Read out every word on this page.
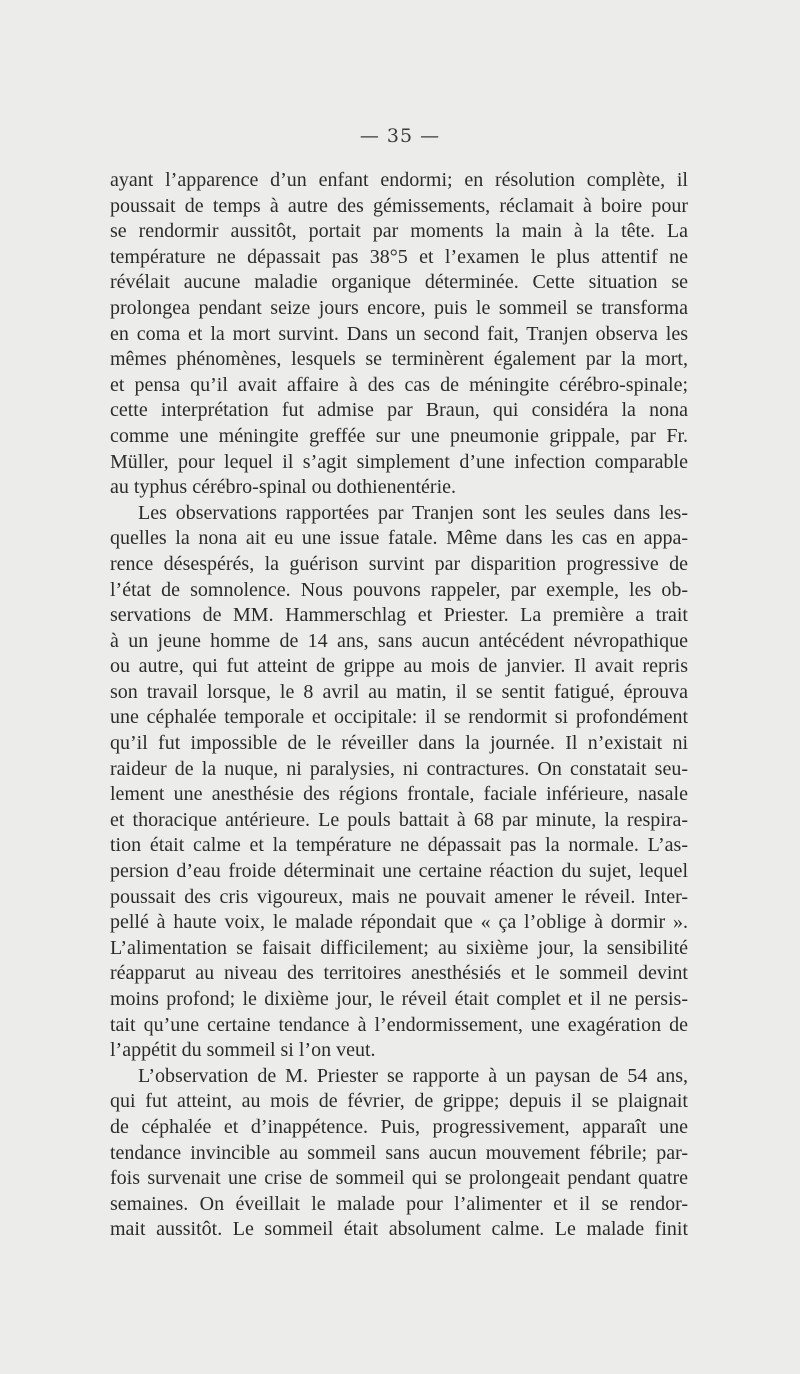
— 35 —
ayant l’apparence d’un enfant endormi; en résolution complète, il
poussait de temps à autre des gémissements, réclamait à boire pour
se rendormir aussitôt, portait par moments la main à la tête. La
température ne dépassait pas 38°5 et l’examen le plus attentif ne
révélait aucune maladie organique déterminée. Cette situation se
prolongea pendant seize jours encore, puis le sommeil se transforma
en coma et la mort survint. Dans un second fait, Tranjen observa les
mêmes phénomènes, lesquels se terminèrent également par la mort,
et pensa qu’il avait affaire à des cas de méningite cérébro-spinale;
cette interprétation fut admise par Braun, qui considéra la nona
comme une méningite greffée sur une pneumonie grippale, par Fr.
Müller, pour lequel il s’agit simplement d’une infection comparable
au typhus cérébro-spinal ou dothienentérie.
Les observations rapportées par Tranjen sont les seules dans les-
quelles la nona ait eu une issue fatale. Même dans les cas en appa-
rence désespérés, la guérison survint par disparition progressive de
l’état de somnolence. Nous pouvons rappeler, par exemple, les ob-
servations de MM. Hammerschlag et Priester. La première a trait
à un jeune homme de 14 ans, sans aucun antécédent névropathique
ou autre, qui fut atteint de grippe au mois de janvier. Il avait repris
son travail lorsque, le 8 avril au matin, il se sentit fatigué, éprouva
une céphalée temporale et occipitale: il se rendormit si profondément
qu’il fut impossible de le réveiller dans la journée. Il n’existait ni
raideur de la nuque, ni paralysies, ni contractures. On constatait seu-
lement une anesthésie des régions frontale, faciale inférieure, nasale
et thoracique antérieure. Le pouls battait à 68 par minute, la respira-
tion était calme et la température ne dépassait pas la normale. L’as-
persion d’eau froide déterminait une certaine réaction du sujet, lequel
poussait des cris vigoureux, mais ne pouvait amener le réveil. Inter-
pellé à haute voix, le malade répondait que « ça l’oblige à dormir ».
L’alimentation se faisait difficilement; au sixième jour, la sensibilité
réapparut au niveau des territoires anesthésiés et le sommeil devint
moins profond; le dixième jour, le réveil était complet et il ne persis-
tait qu’une certaine tendance à l’endormissement, une exagération de
l’appétit du sommeil si l’on veut.
L’observation de M. Priester se rapporte à un paysan de 54 ans,
qui fut atteint, au mois de février, de grippe; depuis il se plaignait
de céphalée et d’inappétence. Puis, progressivement, apparaît une
tendance invincible au sommeil sans aucun mouvement fébrile; par-
fois survenait une crise de sommeil qui se prolongeait pendant quatre
semaines. On éveillait le malade pour l’alimenter et il se rendor-
mait aussitôt. Le sommeil était absolument calme. Le malade finit
